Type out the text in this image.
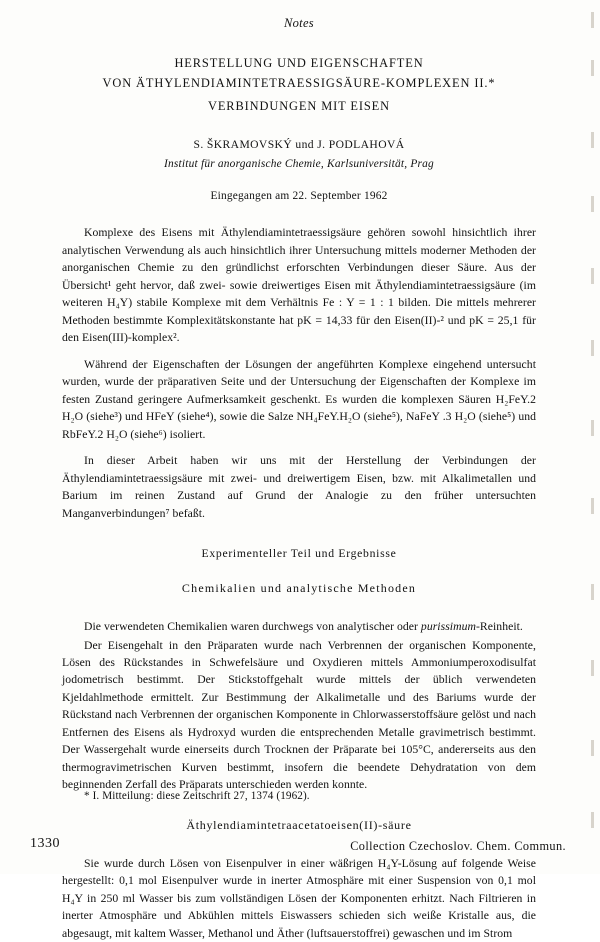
Notes
HERSTELLUNG UND EIGENSCHAFTEN
VON ÄTHYLENDIAMINTETRAESSIGSÄURE-KOMPLEXEN II.*
VERBINDUNGEN MIT EISEN
S. ŠKRAMOVSKÝ und J. PODLAHOVÁ
Institut für anorganische Chemie, Karlsuniversität, Prag
Eingegangen am 22. September 1962

Komplexe des Eisens mit Äthylendiamintetraessigsäure gehören sowohl hinsichtlich ihrer analytischen Verwendung als auch hinsichtlich ihrer Untersuchung mittels moderner Methoden der anorganischen Chemie zu den gründlichst erforschten Verbindungen dieser Säure. Aus der Übersicht¹ geht hervor, daß zwei- sowie dreiwertiges Eisen mit Äthylendiamintetraessigsäure (im weiteren H₄Y) stabile Komplexe mit dem Verhältnis Fe : Y = 1 : 1 bilden. Die mittels mehrerer Methoden bestimmte Komplexitätskonstante hat pK = 14,33 für den Eisen(II)-² und pK = 25,1 für den Eisen(III)-komplex².

Während der Eigenschaften der Lösungen der angeführten Komplexe eingehend untersucht wurden, wurde der präparativen Seite und der Untersuchung der Eigenschaften der Komplexe im festen Zustand geringere Aufmerksamkeit geschenkt. Es wurden die komplexen Säuren H₂FeY.2 H₂O (siehe³) und HFeY (siehe⁴), sowie die Salze NH₄FeY.H₂O (siehe⁵), NaFeY .3 H₂O (siehe⁵) und RbFeY.2 H₂O (siehe⁶) isoliert.

In dieser Arbeit haben wir uns mit der Herstellung der Verbindungen der Äthylendiamintetraessigsäure mit zwei- und dreiwertigem Eisen, bzw. mit Alkalimetallen und Barium im reinen Zustand auf Grund der Analogie zu den früher untersuchten Manganverbindungen⁷ befaßt.

Experimenteller Teil und Ergebnisse
Chemikalien und analytische Methoden

Die verwendeten Chemikalien waren durchwegs von analytischer oder purissimum-Reinheit.

Der Eisengehalt in den Präparaten wurde nach Verbrennen der organischen Komponente, Lösen des Rückstandes in Schwefelsäure und Oxydieren mittels Ammoniumperoxodisulfat jodometrisch bestimmt. Der Stickstoffgehalt wurde mittels der üblich verwendeten Kjeldahlmethode ermittelt. Zur Bestimmung der Alkalimetalle und des Bariums wurde der Rückstand nach Verbrennen der organischen Komponente in Chlorwasserstoffsäure gelöst und nach Entfernen des Eisens als Hydroxyd wurden die entsprechenden Metalle gravimetrisch bestimmt. Der Wassergehalt wurde einerseits durch Trocknen der Präparate bei 105°C, andererseits aus den thermogravimetrischen Kurven bestimmt, insofern die beendete Dehydratation von dem beginnenden Zerfall des Präparats unterschieden werden konnte.

Äthylendiamintetraacetatoeisen(II)-säure

Sie wurde durch Lösen von Eisenpulver in einer wäßrigen H₄Y-Lösung auf folgende Weise hergestellt: 0,1 mol Eisenpulver wurde in inerter Atmosphäre mit einer Suspension von 0,1 mol H₄Y in 250 ml Wasser bis zum vollständigen Lösen der Komponenten erhitzt. Nach Filtrieren in inerter Atmosphäre und Abkühlen mittels Eiswassers schieden sich weiße Kristalle aus, die abgesaugt, mit kaltem Wasser, Methanol und Äther (luftsauerstoffrei) gewaschen und im Strom

* I. Mitteilung: diese Zeitschrift 27, 1374 (1962).
1330	Collection Czechoslov. Chem. Commun.
